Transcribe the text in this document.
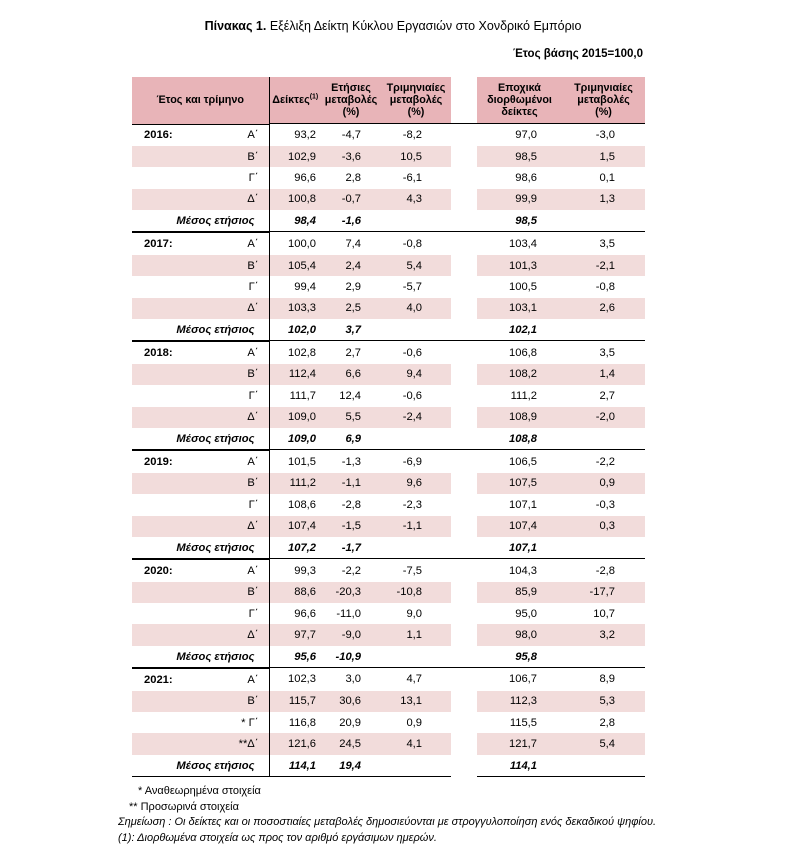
Πίνακας 1. Εξέλιξη Δείκτη Κύκλου Εργασιών στο Χονδρικό Εμπόριο
Έτος βάσης 2015=100,0
Έτος και τρίμηνο	Δείκτες$^{(1)}$	Ετήσιες
μεταβολές
(%)	Τριμηνιαίες
μεταβολές
(%)		Εποχικά
διορθωμένοι
δείκτες	Τριμηνιαίες
μεταβολές
(%)

2016:	Α΄	93,2	-4,7	-8,2		97,0	-3,0

Β΄	102,9	-3,6	10,5		98,5	1,5

Γ΄	96,6	2,8	-6,1		98,6	0,1

Δ΄	100,8	-0,7	4,3		99,9	1,3
Μέσος ετήσιος	98,4	-1,6			98,5	

2017:	Α΄	100,0	7,4	-0,8		103,4	3,5

Β΄	105,4	2,4	5,4		101,3	-2,1

Γ΄	99,4	2,9	-5,7		100,5	-0,8

Δ΄	103,3	2,5	4,0		103,1	2,6
Μέσος ετήσιος	102,0	3,7			102,1	

2018:	Α΄	102,8	2,7	-0,6		106,8	3,5

Β΄	112,4	6,6	9,4		108,2	1,4

Γ΄	111,7	12,4	-0,6		111,2	2,7

Δ΄	109,0	5,5	-2,4		108,9	-2,0
Μέσος ετήσιος	109,0	6,9			108,8	

2019:	Α΄	101,5	-1,3	-6,9		106,5	-2,2

Β΄	111,2	-1,1	9,6		107,5	0,9

Γ΄	108,6	-2,8	-2,3		107,1	-0,3

Δ΄	107,4	-1,5	-1,1		107,4	0,3
Μέσος ετήσιος	107,2	-1,7			107,1	

2020:	Α΄	99,3	-2,2	-7,5		104,3	-2,8

Β΄	88,6	-20,3	-10,8		85,9	-17,7

Γ΄	96,6	-11,0	9,0		95,0	10,7

Δ΄	97,7	-9,0	1,1		98,0	3,2
Μέσος ετήσιος	95,6	-10,9			95,8	

2021:	Α΄	102,3	3,0	4,7		106,7	8,9

Β΄	115,7	30,6	13,1		112,3	5,3

* Γ΄	116,8	20,9	0,9		115,5	2,8

**Δ΄	121,6	24,5	4,1		121,7	5,4
Μέσος ετήσιος	114,1	19,4			114,1	
* Αναθεωρημένα στοιχεία
** Προσωρινά στοιχεία
Σημείωση : Οι δείκτες και οι ποσοστιαίες μεταβολές δημοσιεύονται με στρογγυλοποίηση ενός δεκαδικού ψηφίου.
(1): Διορθωμένα στοιχεία ως προς τον αριθμό εργάσιμων ημερών.
